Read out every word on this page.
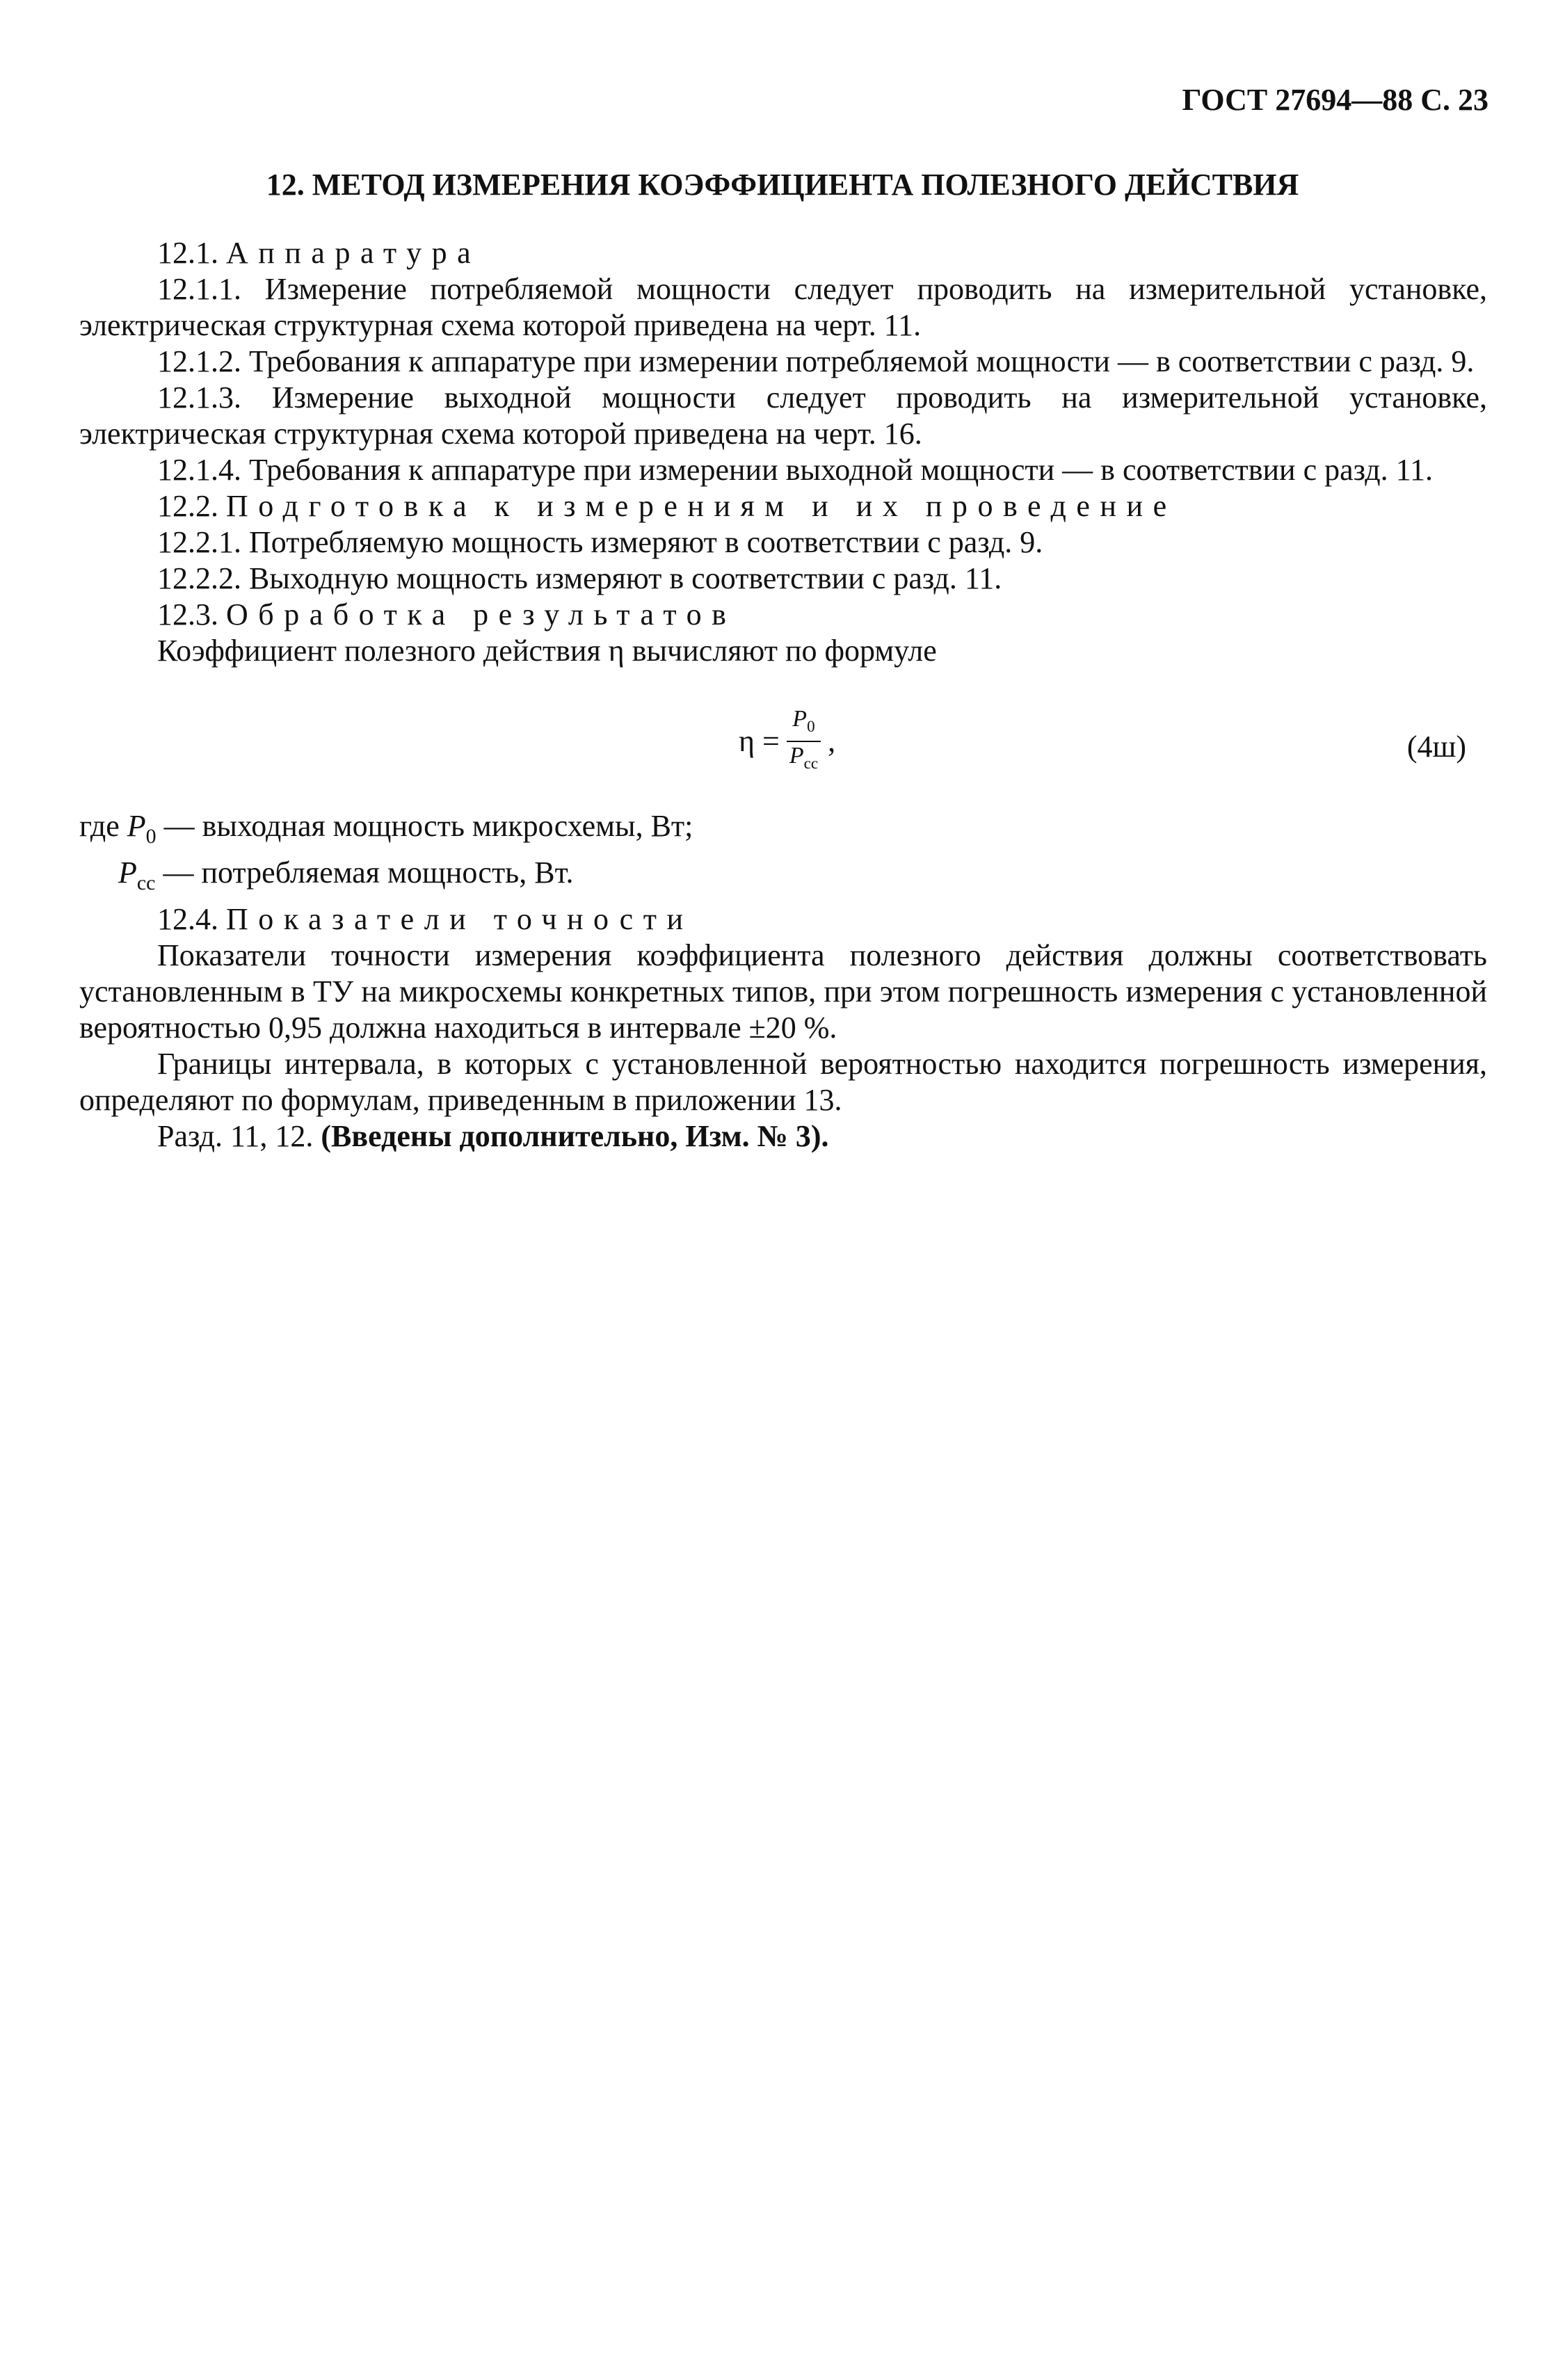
ГОСТ 27694—88 С. 23
12. МЕТОД ИЗМЕРЕНИЯ КОЭФФИЦИЕНТА ПОЛЕЗНОГО ДЕЙСТВИЯ

12.1. Аппаратура

12.1.1. Измерение потребляемой мощности следует проводить на измерительной установке, электрическая структурная схема которой приведена на черт. 11.

12.1.2. Требования к аппаратуре при измерении потребляемой мощности — в соответствии с разд. 9.

12.1.3. Измерение выходной мощности следует проводить на измерительной установке, электрическая структурная схема которой приведена на черт. 16.

12.1.4. Требования к аппаратуре при измерении выходной мощности — в соответствии с разд. 11.

12.2. Подготовка к измерениям и их проведение

12.2.1. Потребляемую мощность измеряют в соответствии с разд. 9.

12.2.2. Выходную мощность измеряют в соответствии с разд. 11.

12.3. Обработка результатов

Коэффициент полезного действия η вычисляют по формуле

$\eta = \frac{P_0}{P_{cc}}$ ,	(4ш)

где $P_0$ — выходная мощность микросхемы, Вт;

$P_{cc}$ — потребляемая мощность, Вт.

12.4. Показатели точности

Показатели точности измерения коэффициента полезного действия должны соответствовать установленным в ТУ на микросхемы конкретных типов, при этом погрешность измерения с установленной вероятностью 0,95 должна находиться в интервале ±20 %.

Границы интервала, в которых с установленной вероятностью находится погрешность измерения, определяют по формулам, приведенным в приложении 13.

Разд. 11, 12. (Введены дополнительно, Изм. № 3).
